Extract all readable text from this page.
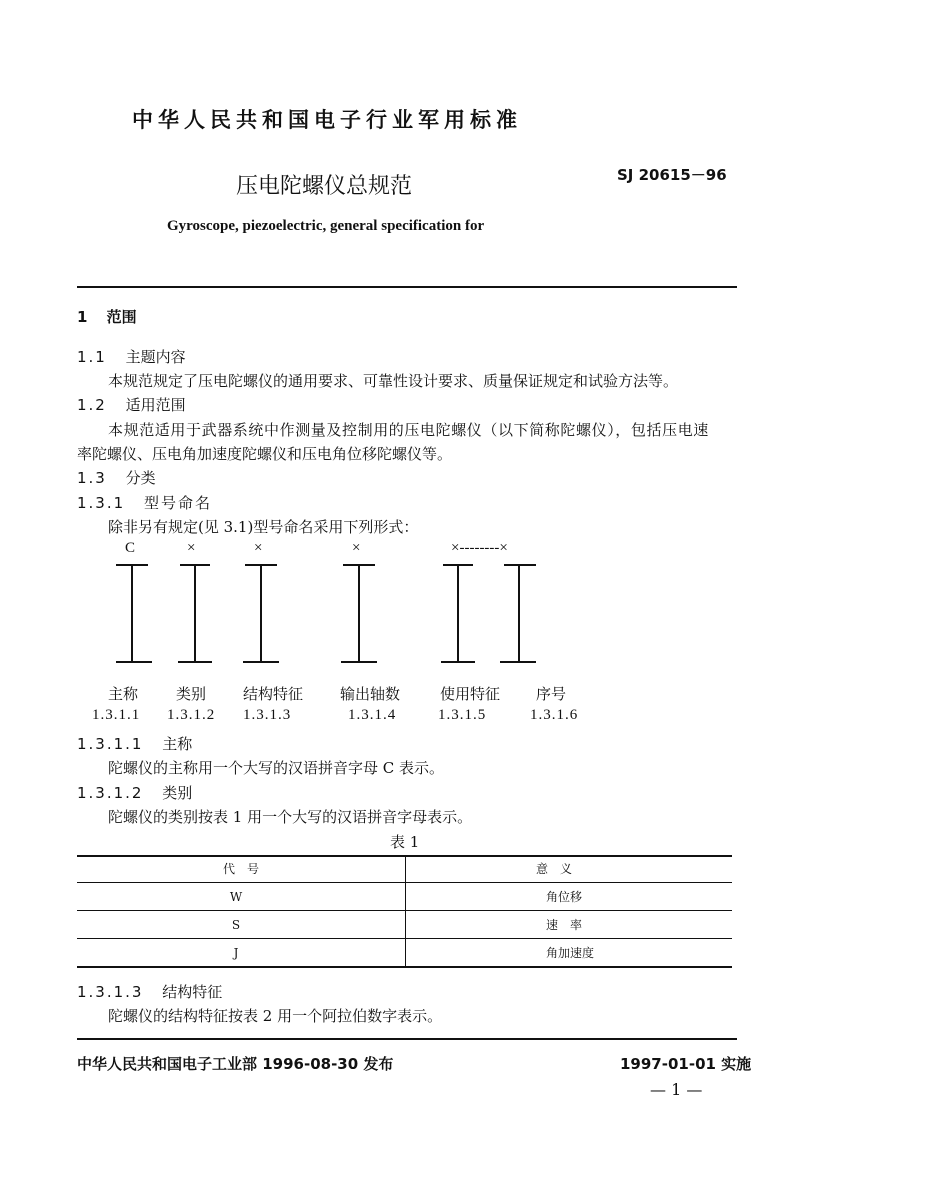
中华人民共和国电子行业军用标准
压电陀螺仪总规范	SJ 20615－96
Gyroscope, piezoelectric, general specification for
1 范围
1.1 主题内容
本规范规定了压电陀螺仪的通用要求、可靠性设计要求、质量保证规定和试验方法等。
1.2 适用范围
本规范适用于武器系统中作测量及控制用的压电陀螺仪（以下简称陀螺仪），包括压电速
率陀螺仪、压电角加速度陀螺仪和压电角位移陀螺仪等。
1.3 分类
1.3.1 型号命名
除非另有规定(见 3.1)型号命名采用下列形式：
C	×	×	×	×--------×
主称	类别 结构特征 输出轴数	使用特征 序号
1.3.1.1 1.3.1.2 1.3.1.3	1.3.1.4	1.3.1.5	1.3.1.6
1.3.1.1 主称
陀螺仪的主称用一个大写的汉语拼音字母 C 表示。
1.3.1.2 类别
陀螺仪的类别按表 1 用一个大写的汉语拼音字母表示。
表 1
代　号	意　义
W	角位移
S	速　率
J	角加速度
1.3.1.3 结构特征
陀螺仪的结构特征按表 2 用一个阿拉伯数字表示。
中华人民共和国电子工业部 1996-08-30 发布	1997-01-01 实施
— 1 —
